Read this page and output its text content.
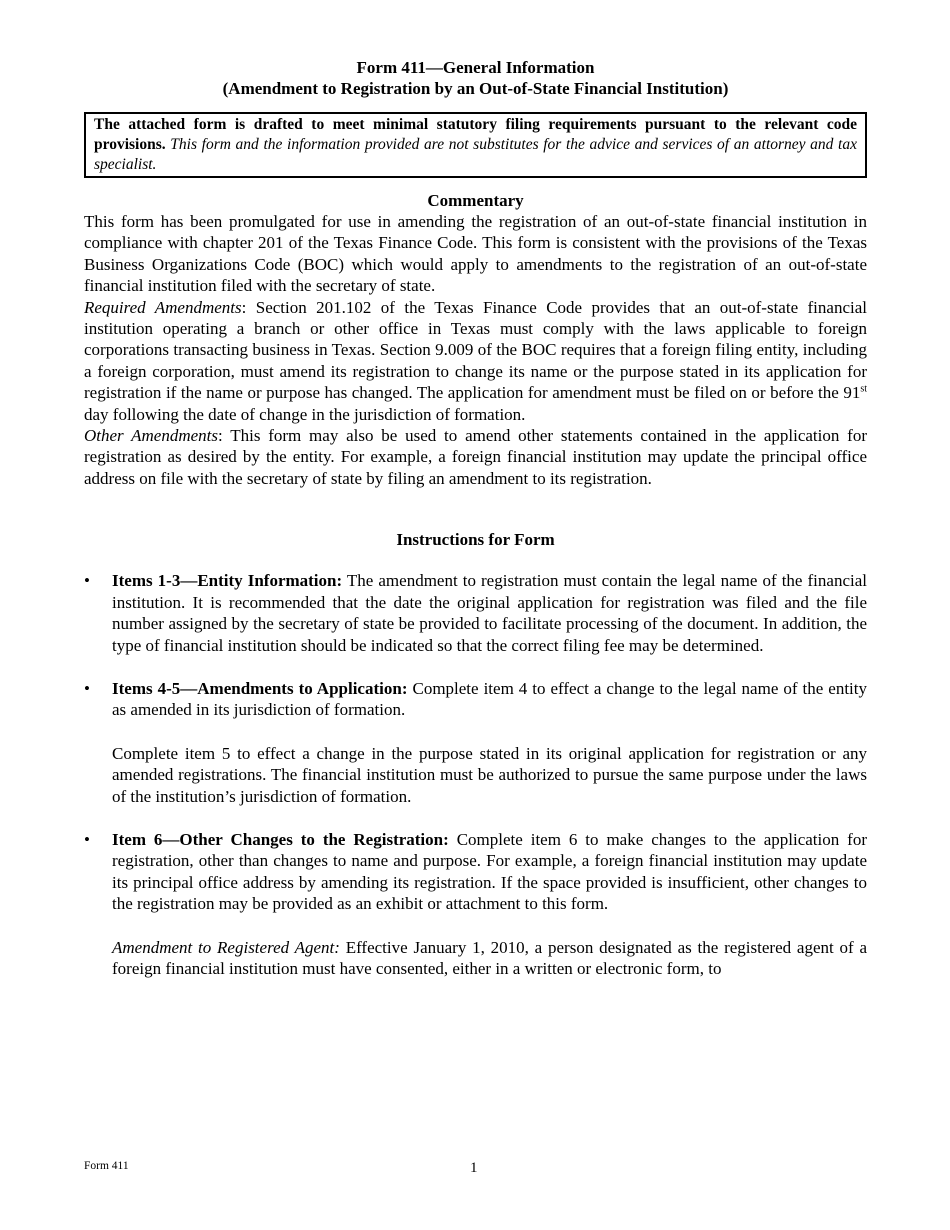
Form 411—General Information
(Amendment to Registration by an Out-of-State Financial Institution)
The attached form is drafted to meet minimal statutory filing requirements pursuant to the relevant code provisions. This form and the information provided are not substitutes for the advice and services of an attorney and tax specialist.
Commentary

This form has been promulgated for use in amending the registration of an out-of-state financial institution in compliance with chapter 201 of the Texas Finance Code. This form is consistent with the provisions of the Texas Business Organizations Code (BOC) which would apply to amendments to the registration of an out-of-state financial institution filed with the secretary of state.

Required Amendments: Section 201.102 of the Texas Finance Code provides that an out-of-state financial institution operating a branch or other office in Texas must comply with the laws applicable to foreign corporations transacting business in Texas. Section 9.009 of the BOC requires that a foreign filing entity, including a foreign corporation, must amend its registration to change its name or the purpose stated in its application for registration if the name or purpose has changed. The application for amendment must be filed on or before the 91st day following the date of change in the jurisdiction of formation.

Other Amendments: This form may also be used to amend other statements contained in the application for registration as desired by the entity. For example, a foreign financial institution may update the principal office address on file with the secretary of state by filing an amendment to its registration.

Instructions for Form
• Items 1-3—Entity Information: The amendment to registration must contain the legal name of the financial institution. It is recommended that the date the original application for registration was filed and the file number assigned by the secretary of state be provided to facilitate processing of the document. In addition, the type of financial institution should be indicated so that the correct filing fee may be determined.
• Items 4-5—Amendments to Application: Complete item 4 to effect a change to the legal name of the entity as amended in its jurisdiction of formation.
Complete item 5 to effect a change in the purpose stated in its original application for registration or any amended registrations. The financial institution must be authorized to pursue the same purpose under the laws of the institution’s jurisdiction of formation.
• Item 6—Other Changes to the Registration: Complete item 6 to make changes to the application for registration, other than changes to name and purpose. For example, a foreign financial institution may update its principal office address by amending its registration. If the space provided is insufficient, other changes to the registration may be provided as an exhibit or attachment to this form.
Amendment to Registered Agent: Effective January 1, 2010, a person designated as the registered agent of a foreign financial institution must have consented, either in a written or electronic form, to
Form 411	1
